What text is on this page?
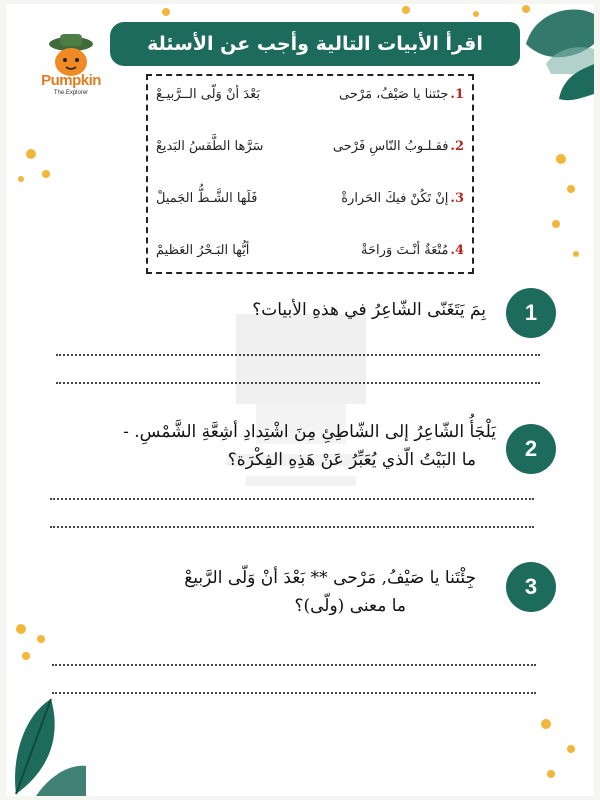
Pumpkin
The Explorer
اقرأ الأبيات التالية وأجب عن الأسئلة
1.
جئتنا يا صَيْفُ، مَرْحى
بَعْدَ أنْ وَلّى الــرَّبيـعْ
2.
فقـلـوبُ النّاسِ فَرْحى
سَرَّها الطَّقسُ البَديعْ
3.
إنْ تَكُنْ فيكَ الحَرارةْ
فَلَها الشَّـطُّ الجَميلْ
4.
مُتْعَةٌ أنْـتَ وَراحَةْ
أيُّها البَـحْرُ العَظيمْ
1
بِمَ يَتَغَنّى الشّاعِرُ في هذهِ الأبيات؟
2
يَلْجَأُ الشّاعِرُ إلى الشّاطِئِ مِنَ اشْتِدادِ أشِعَّةِ الشَّمْسِ. -
ما البَيْتُ الّذي يُعَبِّرُ عَنْ هَذِهِ الفِكْرَة؟
3
جِئْتَنا يا صَيْفُ, مَرْحى ** بَعْدَ أنْ وَلّى الرَّبيعْ
ما معنى (ولّى)؟
